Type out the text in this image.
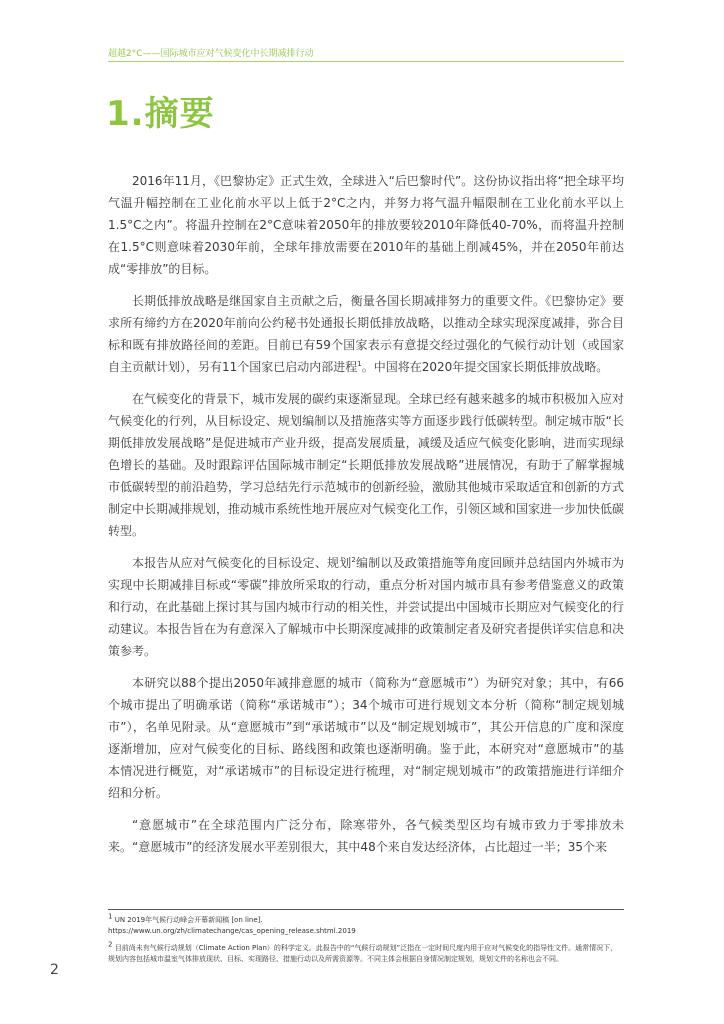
超越2°C——国际城市应对气候变化中长期减排行动
1.摘要

2016年11月，《巴黎协定》正式生效，全球进入“后巴黎时代”。这份协议指出将“把全球平均气温升幅控制在工业化前水平以上低于2°C之内，并努力将气温升幅限制在工业化前水平以上1.5°C之内”。将温升控制在2°C意味着2050年的排放要较2010年降低40-70%，而将温升控制在1.5°C则意味着2030年前，全球年排放需要在2010年的基础上削减45%，并在2050年前达成“零排放”的目标。

长期低排放战略是继国家自主贡献之后，衡量各国长期减排努力的重要文件。《巴黎协定》要求所有缔约方在2020年前向公约秘书处通报长期低排放战略，以推动全球实现深度减排，弥合目标和既有排放路径间的差距。目前已有59个国家表示有意提交经过强化的气候行动计划（或国家自主贡献计划），另有11个国家已启动内部进程$^1$。中国将在2020年提交国家长期低排放战略。

在气候变化的背景下，城市发展的碳约束逐渐显现。全球已经有越来越多的城市积极加入应对气候变化的行列，从目标设定、规划编制以及措施落实等方面逐步践行低碳转型。制定城市版“长期低排放发展战略”是促进城市产业升级，提高发展质量，减缓及适应气候变化影响，进而实现绿色增长的基础。及时跟踪评估国际城市制定“长期低排放发展战略”进展情况，有助于了解掌握城市低碳转型的前沿趋势，学习总结先行示范城市的创新经验，激励其他城市采取适宜和创新的方式制定中长期减排规划，推动城市系统性地开展应对气候变化工作，引领区域和国家进一步加快低碳转型。

本报告从应对气候变化的目标设定、规划$^2$编制以及政策措施等角度回顾并总结国内外城市为实现中长期减排目标或“零碳”排放所采取的行动，重点分析对国内城市具有参考借鉴意义的政策和行动，在此基础上探讨其与国内城市行动的相关性，并尝试提出中国城市长期应对气候变化的行动建议。本报告旨在为有意深入了解城市中长期深度减排的政策制定者及研究者提供详实信息和决策参考。

本研究以88个提出2050年减排意愿的城市（简称为“意愿城市”）为研究对象；其中，有66个城市提出了明确承诺（简称“承诺城市”）；34个城市可进行规划文本分析（简称“制定规划城市”），名单见附录。从“意愿城市”到“承诺城市”以及“制定规划城市”，其公开信息的广度和深度逐渐增加，应对气候变化的目标、路线图和政策也逐渐明确。鉴于此，本研究对“意愿城市”的基本情况进行概览，对“承诺城市”的目标设定进行梳理，对“制定规划城市”的政策措施进行详细介绍和分析。

“意愿城市”在全球范围内广泛分布，除寒带外，各气候类型区均有城市致力于零排放未来。“意愿城市”的经济发展水平差别很大，其中48个来自发达经济体，占比超过一半；35个来

1 UN 2019年气候行动峰会开幕新闻稿 [on line].
https://www.un.org/zh/climatechange/cas_opening_release.shtml.2019
2 目前尚未有气候行动规划（Climate Action Plan）的科学定义。此报告中的“气候行动规划”泛指在一定时间尺度内用于应对气候变化的指导性文件。通常情况下，规划内容包括城市温室气体排放现状、目标、实现路径、措施行动以及所需资源等。不同主体会根据自身情况制定规划，规划文件的名称也会不同。
2
